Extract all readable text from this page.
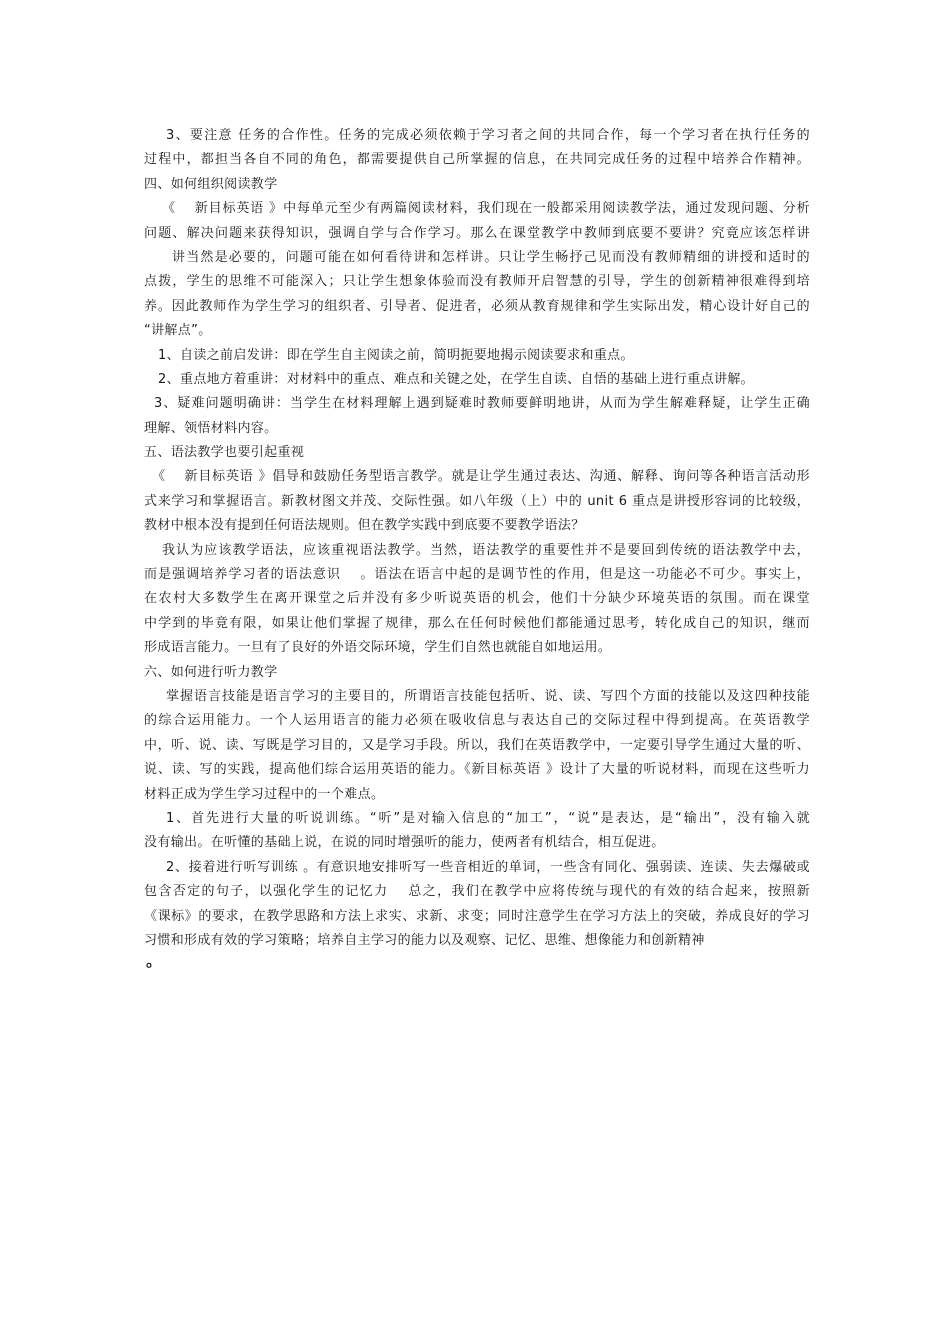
3、要注意 任务的合作性。任务的完成必须依赖于学习者之间的共同合作，每一个学习者在执行任务的
过程中，都担当各自不同的角色，都需要提供自己所掌握的信息，在共同完成任务的过程中培养合作精神。
四、如何组织阅读教学
《　 新目标英语 》中每单元至少有两篇阅读材料，我们现在一般都采用阅读教学法，通过发现问题、分析
问题、解决问题来获得知识，强调自学与合作学习。那么在课堂教学中教师到底要不要讲？究竟应该怎样讲
讲当然是必要的，问题可能在如何看待讲和怎样讲。只让学生畅抒己见而没有教师精细的讲授和适时的
点拨，学生的思维不可能深入；只让学生想象体验而没有教师开启智慧的引导，学生的创新精神很难得到培
养。因此教师作为学生学习的组织者、引导者、促进者，必须从教育规律和学生实际出发，精心设计好自己的
“讲解点”。
1、自读之前启发讲：即在学生自主阅读之前，简明扼要地揭示阅读要求和重点。
2、重点地方着重讲：对材料中的重点、难点和关键之处，在学生自读、自悟的基础上进行重点讲解。
3、疑难问题明确讲：当学生在材料理解上遇到疑难时教师要鲜明地讲，从而为学生解难释疑，让学生正确
理解、领悟材料内容。
五、语法教学也要引起重视
《　 新目标英语 》倡导和鼓励任务型语言教学。就是让学生通过表达、沟通、解释、询问等各种语言活动形
式来学习和掌握语言。新教材图文并茂、交际性强。如八年级（上）中的 unit 6 重点是讲授形容词的比较级，
教材中根本没有提到任何语法规则。但在教学实践中到底要不要教学语法？
我认为应该教学语法，应该重视语法教学。当然，语法教学的重要性并不是要回到传统的语法教学中去，
而是强调培养学习者的语法意识　 。语法在语言中起的是调节性的作用，但是这一功能必不可少。事实上，
在农村大多数学生在离开课堂之后并没有多少听说英语的机会，他们十分缺少环境英语的氛围。而在课堂
中学到的毕竟有限，如果让他们掌握了规律，那么在任何时候他们都能通过思考，转化成自己的知识，继而
形成语言能力。一旦有了良好的外语交际环境，学生们自然也就能自如地运用。
六、如何进行听力教学
掌握语言技能是语言学习的主要目的，所谓语言技能包括听、说、读、写四个方面的技能以及这四种技能
的综合运用能力。一个人运用语言的能力必须在吸收信息与表达自己的交际过程中得到提高。在英语教学
中，听、说、读、写既是学习目的，又是学习手段。所以，我们在英语教学中，一定要引导学生通过大量的听、
说、读、写的实践，提高他们综合运用英语的能力。《新目标英语 》设计了大量的听说材料，而现在这些听力
材料正成为学生学习过程中的一个难点。
1、首先进行大量的听说训练。“听”是对输入信息的“加工”，“说”是表达，是“输出”，没有输入就
没有输出。在听懂的基础上说，在说的同时增强听的能力，使两者有机结合，相互促进。
2、接着进行听写训练 。有意识地安排听写一些音相近的单词，一些含有同化、强弱读、连读、失去爆破或
包含否定的句子，以强化学生的记忆力　 总之，我们在教学中应将传统与现代的有效的结合起来，按照新
《课标》的要求，在教学思路和方法上求实、求新、求变；同时注意学生在学习方法上的突破，养成良好的学习
习惯和形成有效的学习策略；培养自主学习的能力以及观察、记忆、思维、想像能力和创新精神
。
